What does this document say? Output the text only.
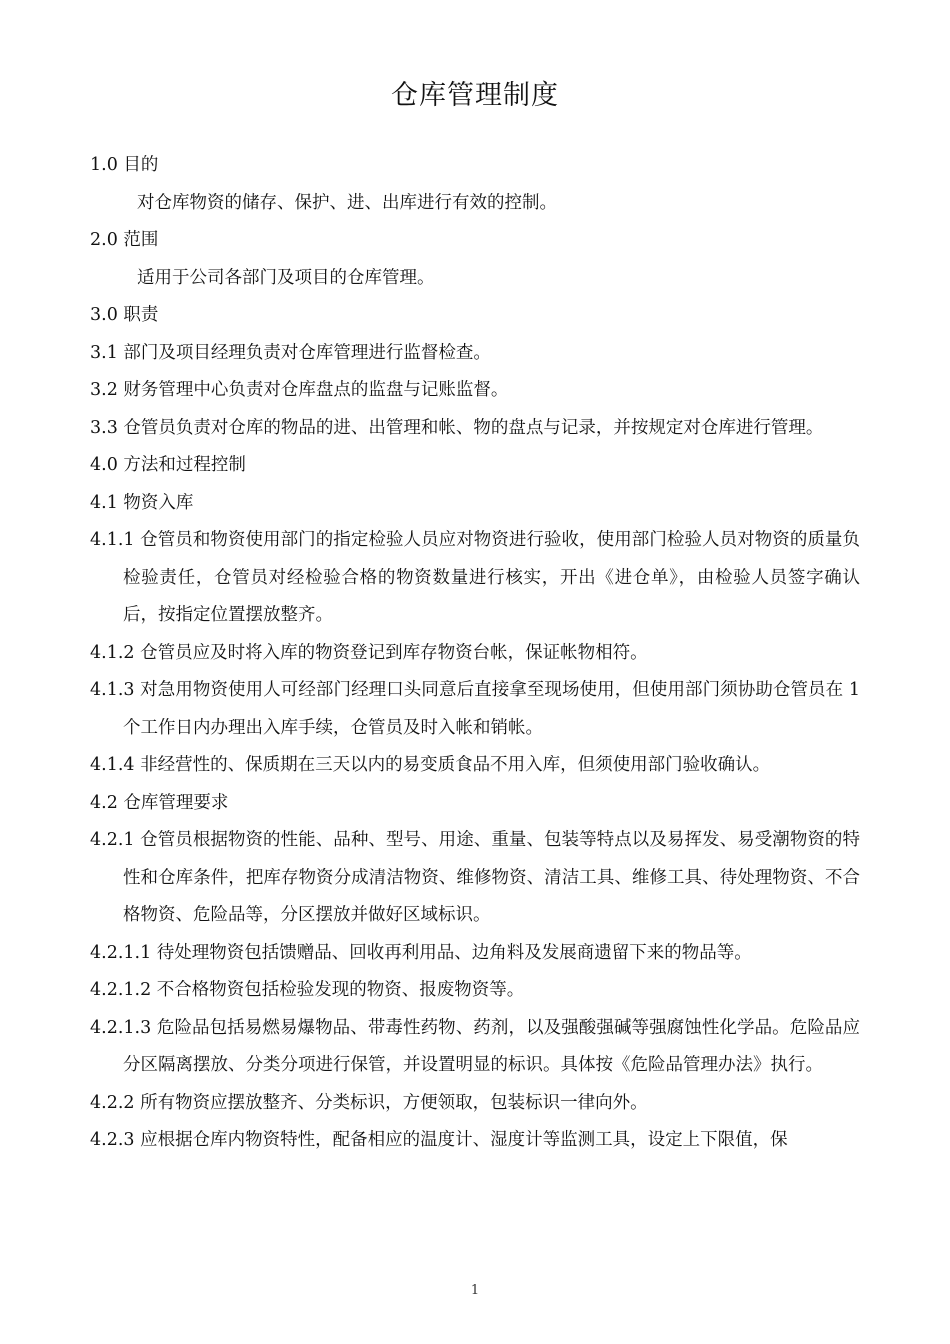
仓库管理制度
1.0 目的
对仓库物资的储存、保护、进、出库进行有效的控制。
2.0 范围
适用于公司各部门及项目的仓库管理。
3.0 职责
3.1 部门及项目经理负责对仓库管理进行监督检查。
3.2 财务管理中心负责对仓库盘点的监盘与记账监督。
3.3 仓管员负责对仓库的物品的进、出管理和帐、物的盘点与记录，并按规定对仓库进行管理。
4.0 方法和过程控制
4.1 物资入库
4.1.1 仓管员和物资使用部门的指定检验人员应对物资进行验收，使用部门检验人员对物资的质量负检验责任，仓管员对经检验合格的物资数量进行核实，开出《进仓单》，由检验人员签字确认后，按指定位置摆放整齐。
4.1.2 仓管员应及时将入库的物资登记到库存物资台帐，保证帐物相符。
4.1.3 对急用物资使用人可经部门经理口头同意后直接拿至现场使用，但使用部门须协助仓管员在 1 个工作日内办理出入库手续，仓管员及时入帐和销帐。
4.1.4 非经营性的、保质期在三天以内的易变质食品不用入库，但须使用部门验收确认。
4.2 仓库管理要求
4.2.1 仓管员根据物资的性能、品种、型号、用途、重量、包装等特点以及易挥发、易受潮物资的特性和仓库条件，把库存物资分成清洁物资、维修物资、清洁工具、维修工具、待处理物资、不合格物资、危险品等，分区摆放并做好区域标识。
4.2.1.1 待处理物资包括馈赠品、回收再利用品、边角料及发展商遗留下来的物品等。
4.2.1.2 不合格物资包括检验发现的物资、报废物资等。
4.2.1.3 危险品包括易燃易爆物品、带毒性药物、药剂，以及强酸强碱等强腐蚀性化学品。危险品应分区隔离摆放、分类分项进行保管，并设置明显的标识。具体按《危险品管理办法》执行。
4.2.2 所有物资应摆放整齐、分类标识，方便领取，包装标识一律向外。
4.2.3 应根据仓库内物资特性，配备相应的温度计、湿度计等监测工具，设定上下限值，保
1
